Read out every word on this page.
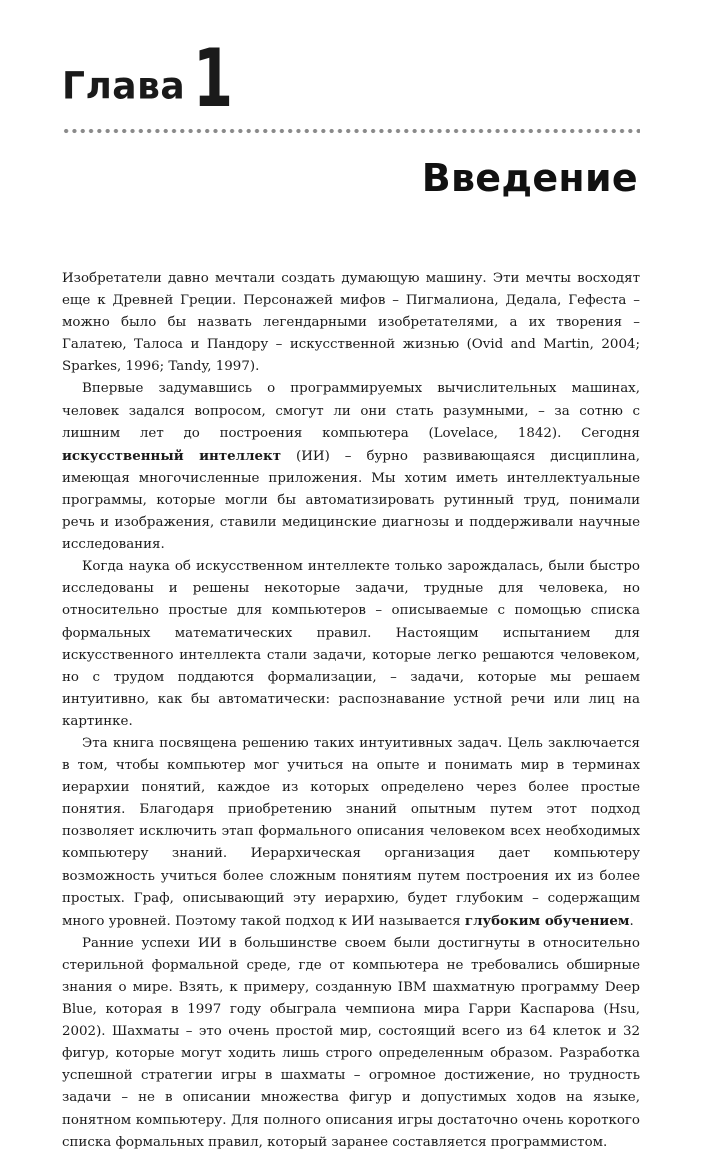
Глава 1
Введение

Изобретатели давно мечтали создать думающую машину. Эти мечты восходят еще к Древней Греции. Персонажей мифов – Пигмалиона, Дедала, Гефеста – можно было бы назвать легендарными изобретателями, а их творения – Галатею, Талоса и Пандору – искусственной жизнью (Ovid and Martin, 2004; Sparkes, 1996; Tandy, 1997).

Впервые задумавшись о программируемых вычислительных машинах, человек задался вопросом, смогут ли они стать разумными, – за сотню с лишним лет до построения компьютера (Lovelace, 1842). Сегодня искусственный интеллект (ИИ) – бурно развивающаяся дисциплина, имеющая многочисленные приложения. Мы хотим иметь интеллектуальные программы, которые могли бы автоматизировать рутинный труд, понимали речь и изображения, ставили медицинские диагнозы и поддерживали научные исследования.

Когда наука об искусственном интеллекте только зарождалась, были быстро исследованы и решены некоторые задачи, трудные для человека, но относительно простые для компьютеров – описываемые с помощью списка формальных математических правил. Настоящим испытанием для искусственного интеллекта стали задачи, которые легко решаются человеком, но с трудом поддаются формализации, – задачи, которые мы решаем интуитивно, как бы автоматически: распознавание устной речи или лиц на картинке.

Эта книга посвящена решению таких интуитивных задач. Цель заключается в том, чтобы компьютер мог учиться на опыте и понимать мир в терминах иерархии понятий, каждое из которых определено через более простые понятия. Благодаря приобретению знаний опытным путем этот подход позволяет исключить этап формального описания человеком всех необходимых компьютеру знаний. Иерархическая организация дает компьютеру возможность учиться более сложным понятиям путем построения их из более простых. Граф, описывающий эту иерархию, будет глубоким – содержащим много уровней. Поэтому такой подход к ИИ называется глубоким обучением.

Ранние успехи ИИ в большинстве своем были достигнуты в относительно стерильной формальной среде, где от компьютера не требовались обширные знания о мире. Взять, к примеру, созданную IBM шахматную программу Deep Blue, которая в 1997 году обыграла чемпиона мира Гарри Каспарова (Hsu, 2002). Шахматы – это очень простой мир, состоящий всего из 64 клеток и 32 фигур, которые могут ходить лишь строго определенным образом. Разработка успешной стратегии игры в шахматы – огромное достижение, но трудность задачи – не в описании множества фигур и допустимых ходов на языке, понятном компьютеру. Для полного описания игры достаточно очень короткого списка формальных правил, который заранее составляется программистом.
